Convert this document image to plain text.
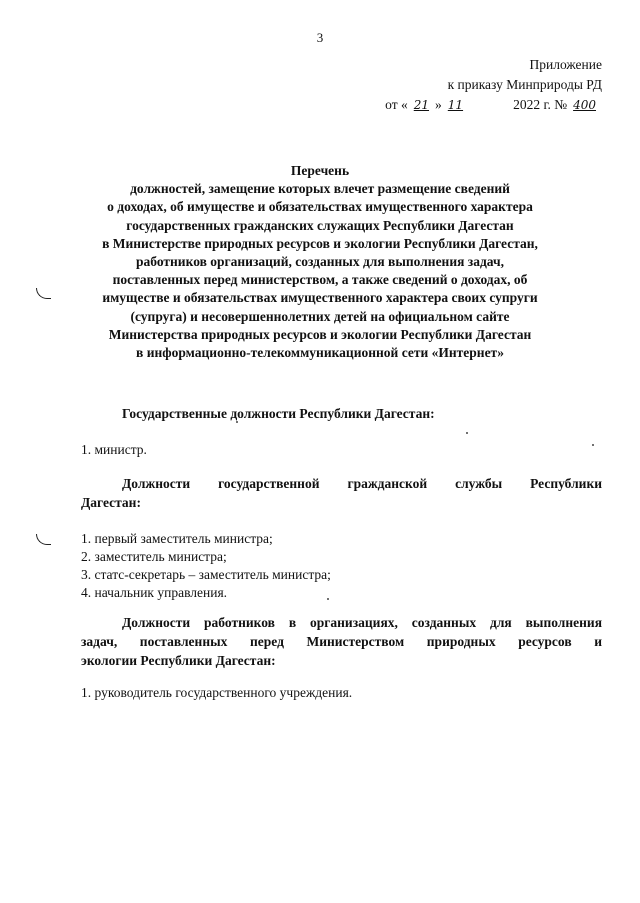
3
Приложение
к приказу Минприроды РД
от « 21 » 11	2022 г. № 400
Перечень
должностей, замещение которых влечет размещение сведений
о доходах, об имуществе и обязательствах имущественного характера
государственных гражданских служащих Республики Дагестан
в Министерстве природных ресурсов и экологии Республики Дагестан,
работников организаций, созданных для выполнения задач,
поставленных перед министерством, а также сведений о доходах, об
имуществе и обязательствах имущественного характера своих супруги
(супруга) и несовершеннолетних детей на официальном сайте
Министерства природных ресурсов и экологии Республики Дагестан
в информационно-телекоммуникационной сети «Интернет»
Государственные должности Республики Дагестан:
1. министр.
Должности государственной гражданской службы Республики
Дагестан:
1. первый заместитель министра;
2. заместитель министра;
3. статс-секретарь – заместитель министра;
4. начальник управления.
Должности работников в организациях, созданных для выполнения
задач, поставленных перед Министерством природных ресурсов и
экологии Республики Дагестан:
1. руководитель государственного учреждения.
